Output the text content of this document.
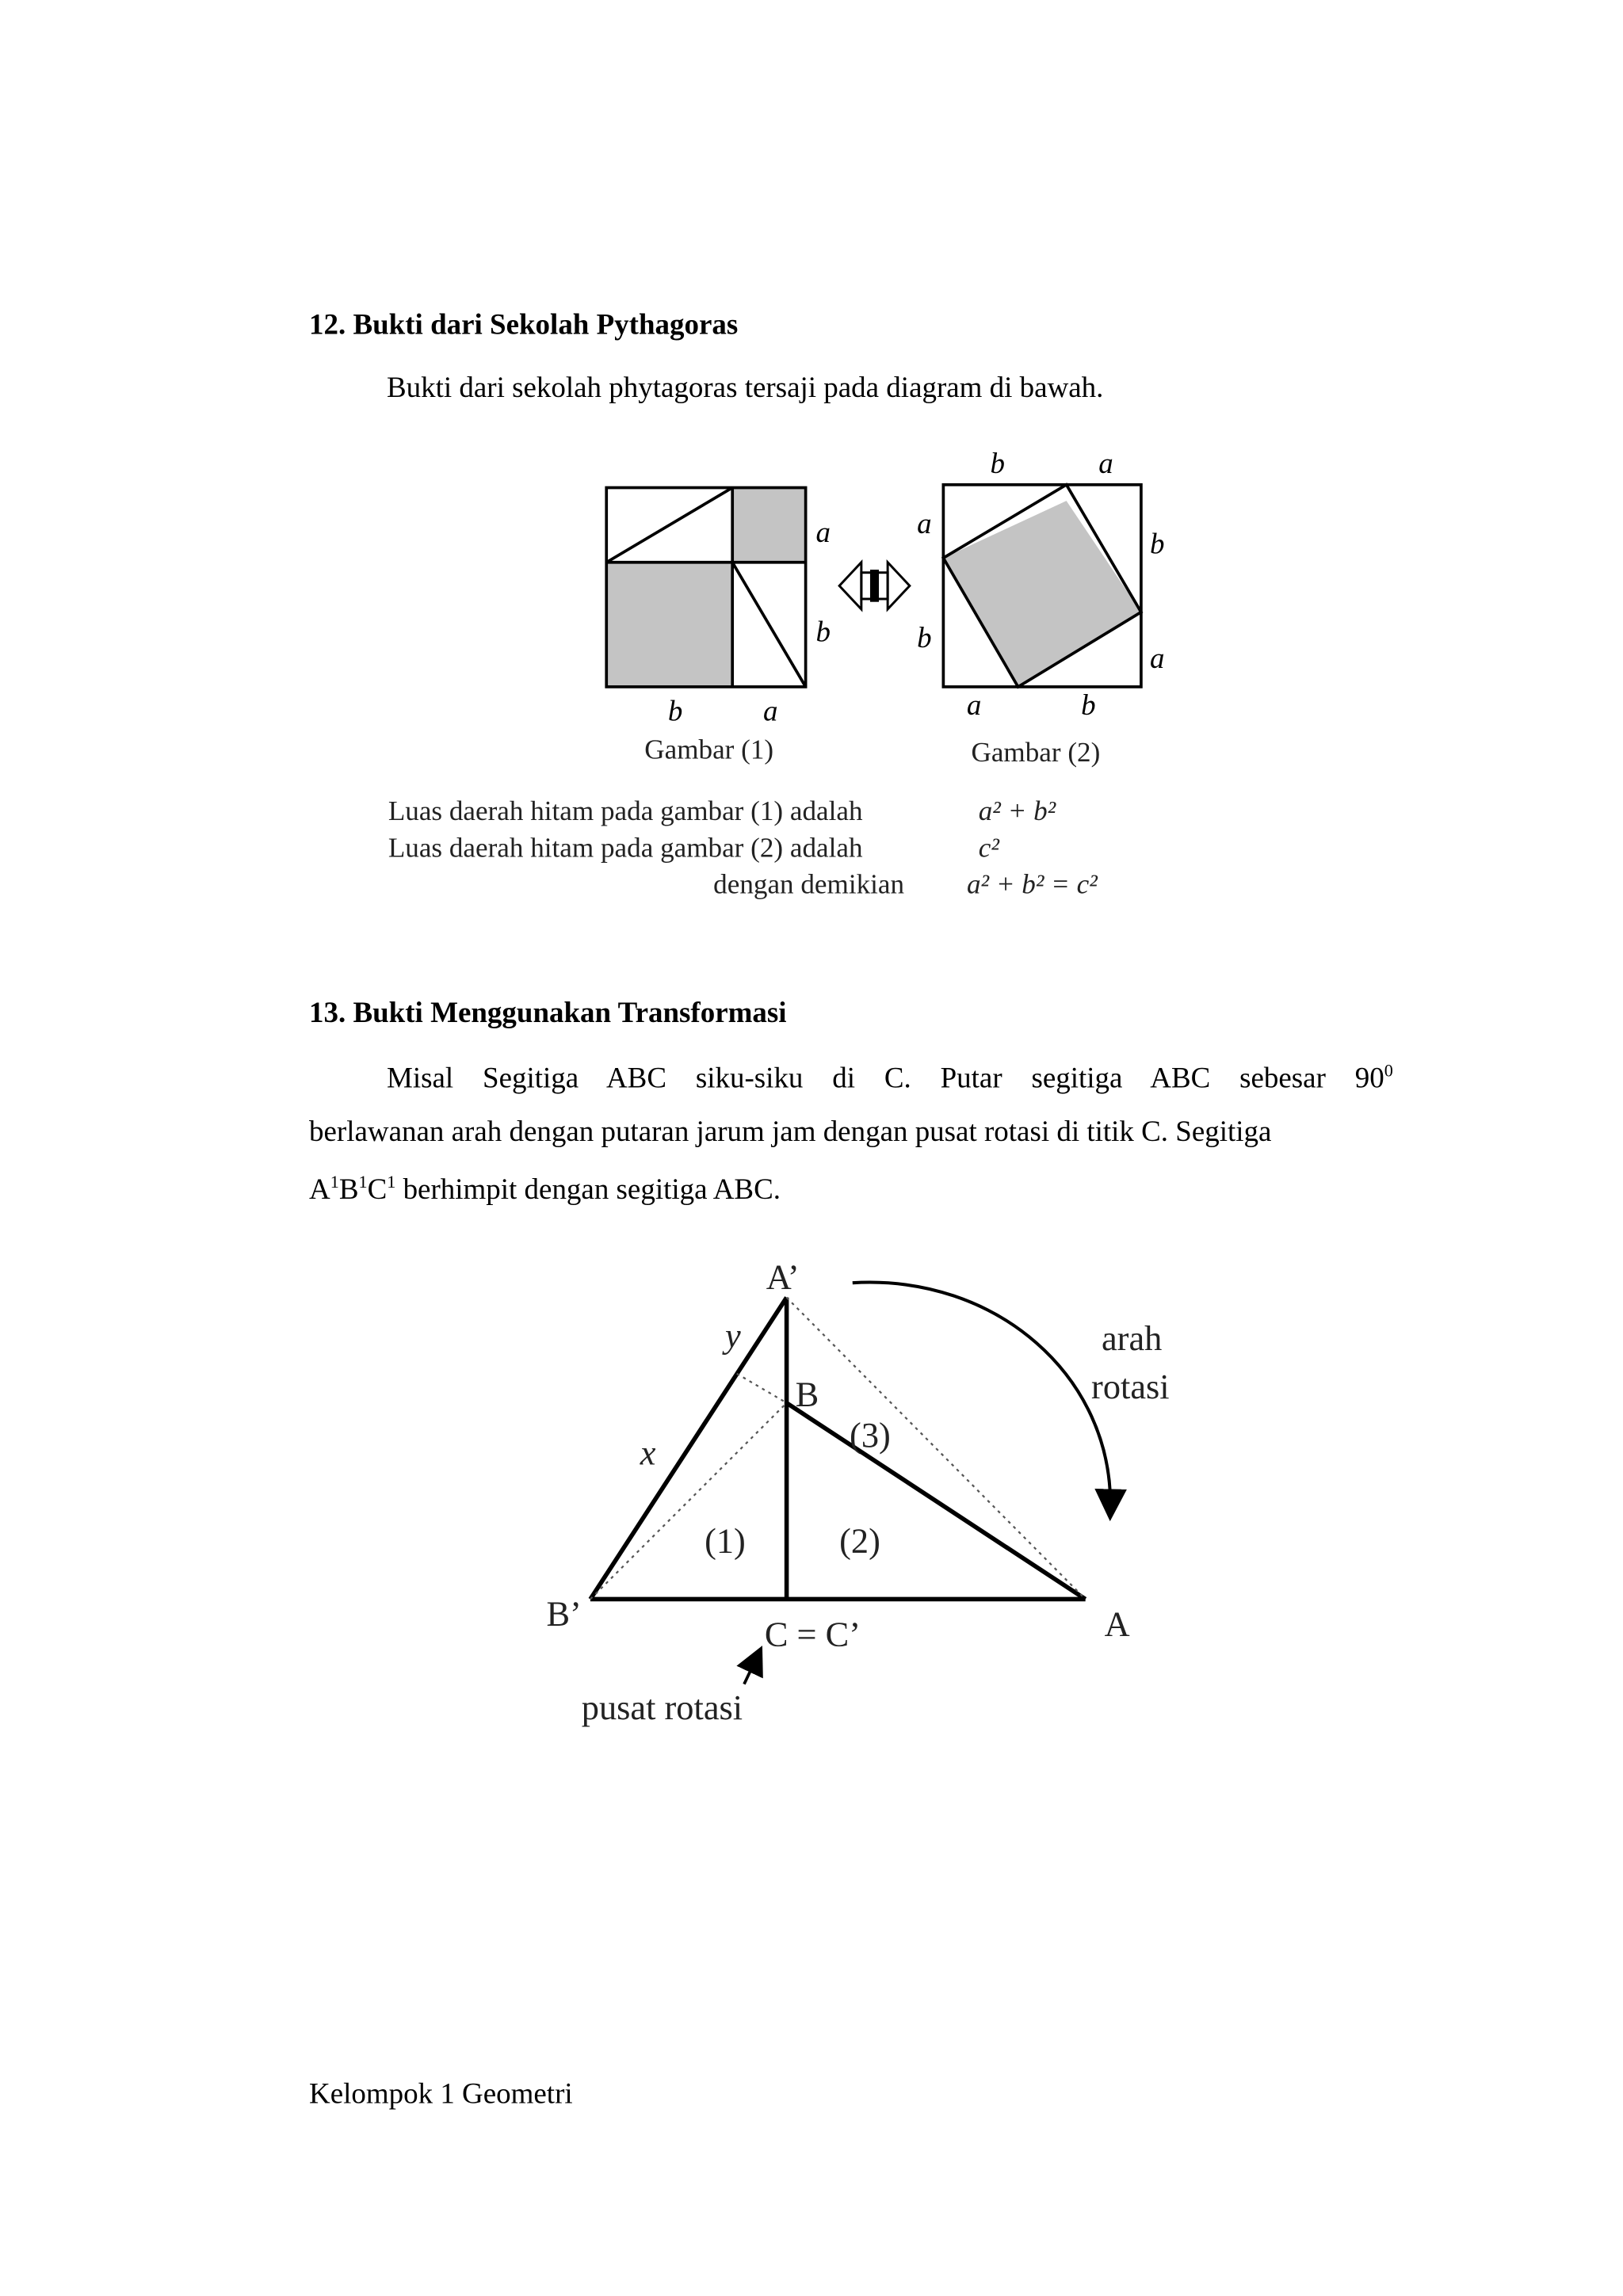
12. Bukti dari Sekolah Pythagoras
Bukti dari sekolah phytagoras tersaji pada diagram di bawah.
a
b
b	a
b	a
a
b
b
a
a	b
Gambar (1)	Gambar (2)
Luas daerah hitam pada gambar (1) adalah	a² + b²
Luas daerah hitam pada gambar (2) adalah	c²
dengan demikian	a² + b² = c²
13. Bukti Menggunakan Transformasi
Misal Segitiga ABC siku-siku di C. Putar segitiga ABC sebesar $90^0$
berlawanan arah dengan putaran jarum jam dengan pusat rotasi di titik C. Segitiga
$A^1B^1C^1$ berhimpit dengan segitiga ABC.
A’
B
B’	A
C = C’
y
x
(1)	(2)
(3)
arah
rotasi
pusat rotasi
Kelompok 1 Geometri
